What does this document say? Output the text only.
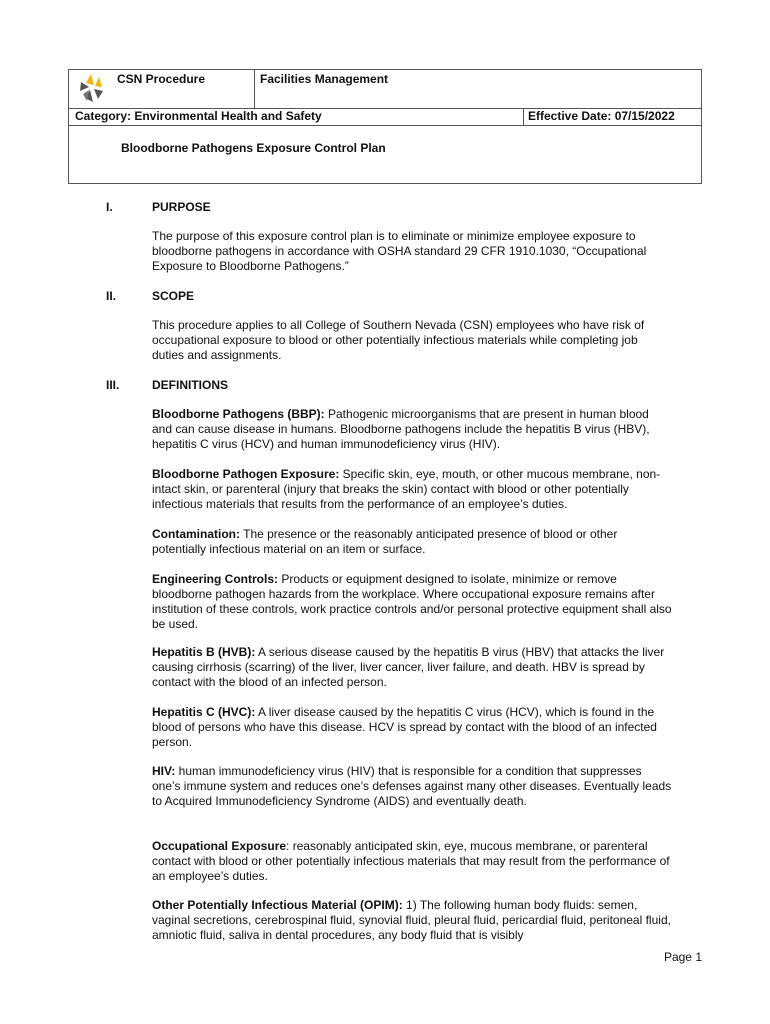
CSN Procedure	Facilities Management
Category: Environmental Health and Safety	Effective Date: 07/15/2022
Bloodborne Pathogens Exposure Control Plan
I.	PURPOSE
The purpose of this exposure control plan is to eliminate or minimize employee exposure to bloodborne pathogens in accordance with OSHA standard 29 CFR 1910.1030, “Occupational Exposure to Bloodborne Pathogens.”
II.	SCOPE
This procedure applies to all College of Southern Nevada (CSN) employees who have risk of occupational exposure to blood or other potentially infectious materials while completing job duties and assignments.
III.	DEFINITIONS
Bloodborne Pathogens (BBP): Pathogenic microorganisms that are present in human blood and can cause disease in humans. Bloodborne pathogens include the hepatitis B virus (HBV), hepatitis C virus (HCV) and human immunodeficiency virus (HIV).
Bloodborne Pathogen Exposure: Specific skin, eye, mouth, or other mucous membrane, non-intact skin, or parenteral (injury that breaks the skin) contact with blood or other potentially infectious materials that results from the performance of an employee’s duties.
Contamination: The presence or the reasonably anticipated presence of blood or other potentially infectious material on an item or surface.
Engineering Controls: Products or equipment designed to isolate, minimize or remove bloodborne pathogen hazards from the workplace. Where occupational exposure remains after institution of these controls, work practice controls and/or personal protective equipment shall also be used.
Hepatitis B (HVB): A serious disease caused by the hepatitis B virus (HBV) that attacks the liver causing cirrhosis (scarring) of the liver, liver cancer, liver failure, and death. HBV is spread by contact with the blood of an infected person.
Hepatitis C (HVC): A liver disease caused by the hepatitis C virus (HCV), which is found in the blood of persons who have this disease. HCV is spread by contact with the blood of an infected person.
HIV: human immunodeficiency virus (HIV) that is responsible for a condition that suppresses one’s immune system and reduces one’s defenses against many other diseases. Eventually leads to Acquired Immunodeficiency Syndrome (AIDS) and eventually death.
Occupational Exposure: reasonably anticipated skin, eye, mucous membrane, or parenteral contact with blood or other potentially infectious materials that may result from the performance of an employee’s duties.
Other Potentially Infectious Material (OPIM): 1) The following human body fluids: semen, vaginal secretions, cerebrospinal fluid, synovial fluid, pleural fluid, pericardial fluid, peritoneal fluid, amniotic fluid, saliva in dental procedures, any body fluid that is visibly
Page 1
